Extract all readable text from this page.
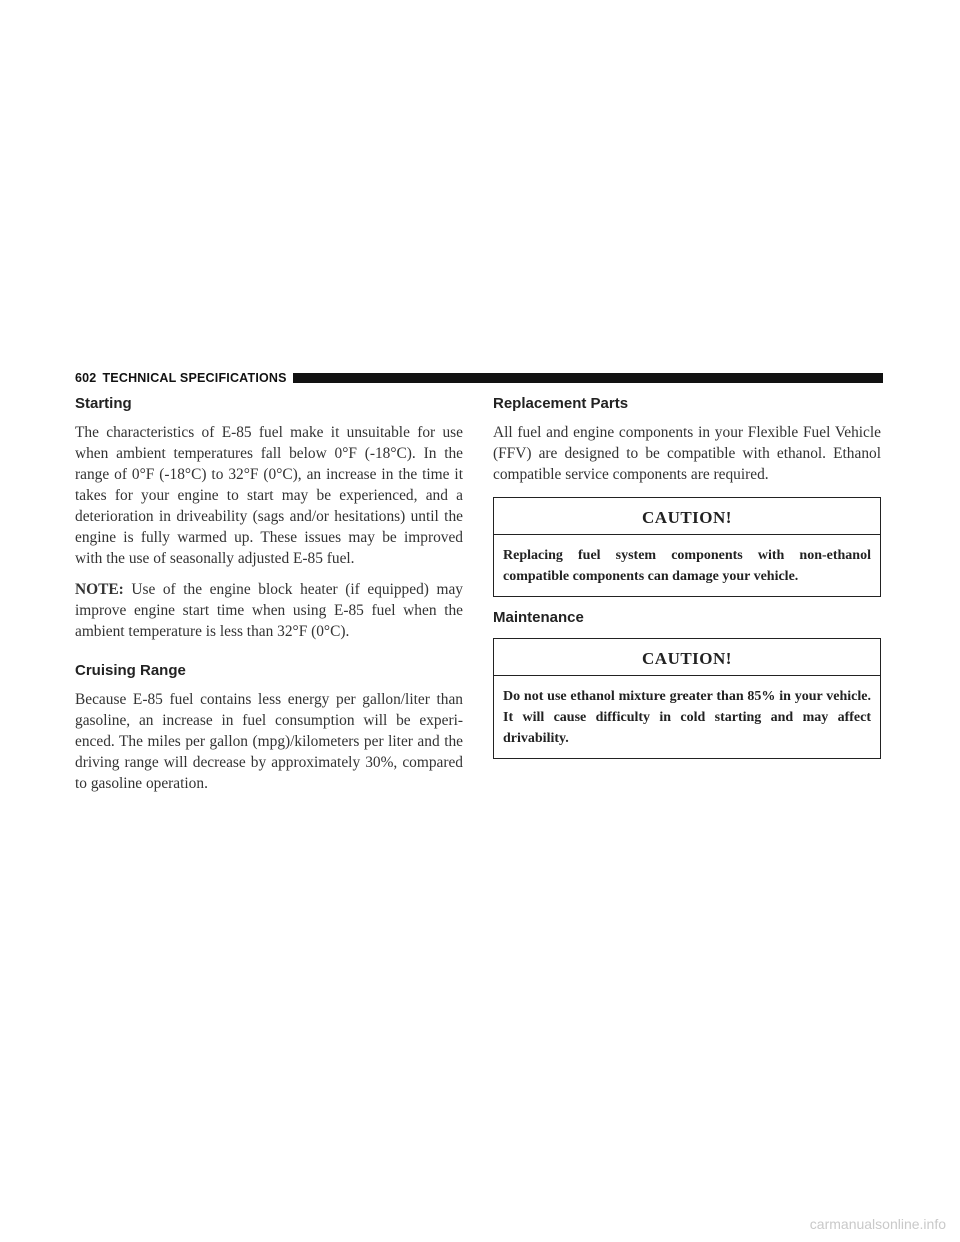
602 TECHNICAL SPECIFICATIONS
Starting

The characteristics of E-85 fuel make it unsuitable for use when ambient temperatures fall below 0°F (-18°C). In the range of 0°F (-18°C) to 32°F (0°C), an increase in the time it takes for your engine to start may be experienced, and a deterioration in driveability (sags and/or hesitations) until the engine is fully warmed up. These issues may be improved with the use of seasonally adjusted E-85 fuel.

NOTE: Use of the engine block heater (if equipped) may improve engine start time when using E-85 fuel when the ambient temperature is less than 32°F (0°C).

Cruising Range

Because E-85 fuel contains less energy per gallon/liter than gasoline, an increase in fuel consumption will be experi- enced. The miles per gallon (mpg)/kilometers per liter and the driving range will decrease by approximately 30%, compared to gasoline operation.

Replacement Parts

All fuel and engine components in your Flexible Fuel Vehicle (FFV) are designed to be compatible with ethanol. Ethanol compatible service components are required.

CAUTION!
Replacing fuel system components with non-ethanol compatible components can damage your vehicle.
Maintenance
CAUTION!
Do not use ethanol mixture greater than 85% in your vehicle. It will cause difficulty in cold starting and may affect drivability.
carmanualsonline.info
